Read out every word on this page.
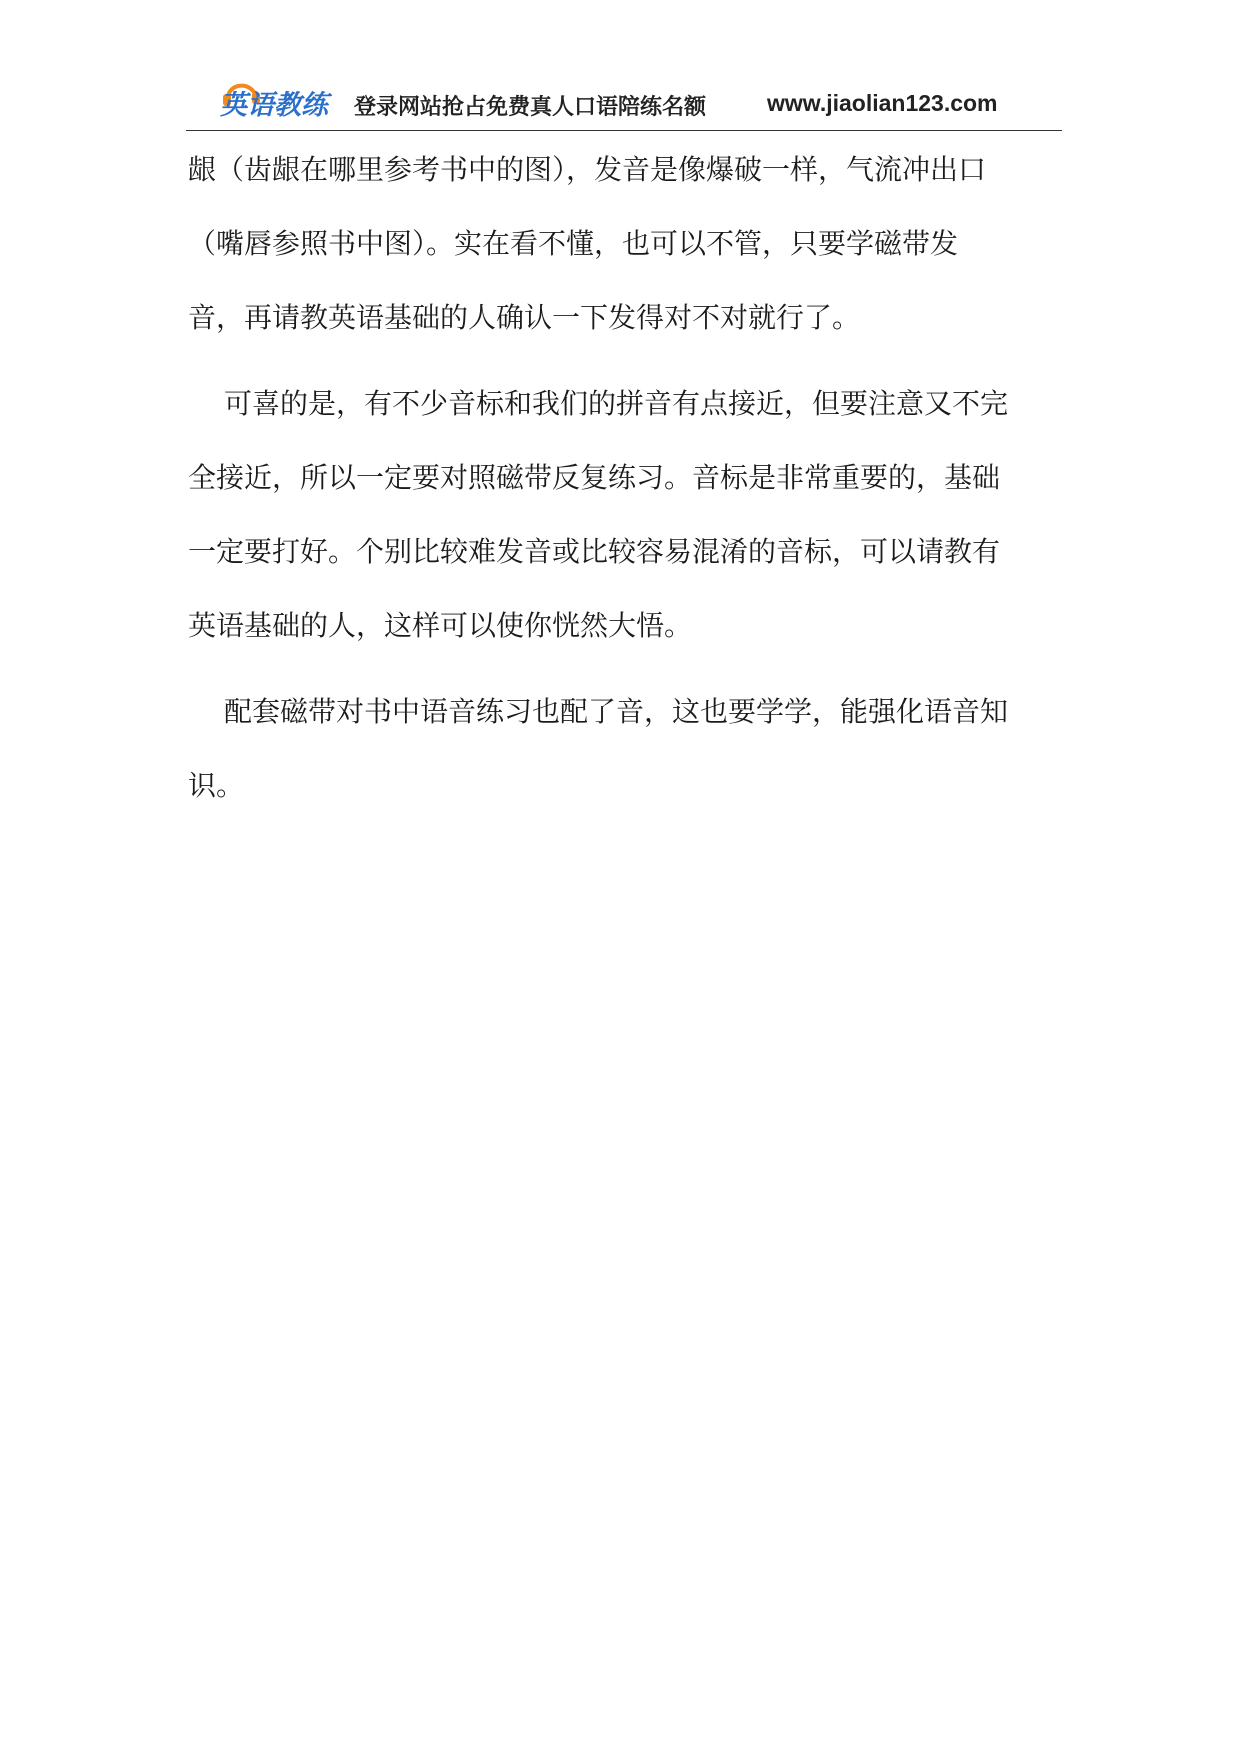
英语教练 登录网站抢占免费真人口语陪练名额	www.jiaolian123.com
龈（齿龈在哪里参考书中的图），发音是像爆破一样，气流冲出口
（嘴唇参照书中图）。实在看不懂，也可以不管，只要学磁带发
音，再请教英语基础的人确认一下发得对不对就行了。
可喜的是，有不少音标和我们的拼音有点接近，但要注意又不完
全接近，所以一定要对照磁带反复练习。音标是非常重要的，基础
一定要打好。个别比较难发音或比较容易混淆的音标，可以请教有
英语基础的人，这样可以使你恍然大悟。
配套磁带对书中语音练习也配了音，这也要学学，能强化语音知
识。
